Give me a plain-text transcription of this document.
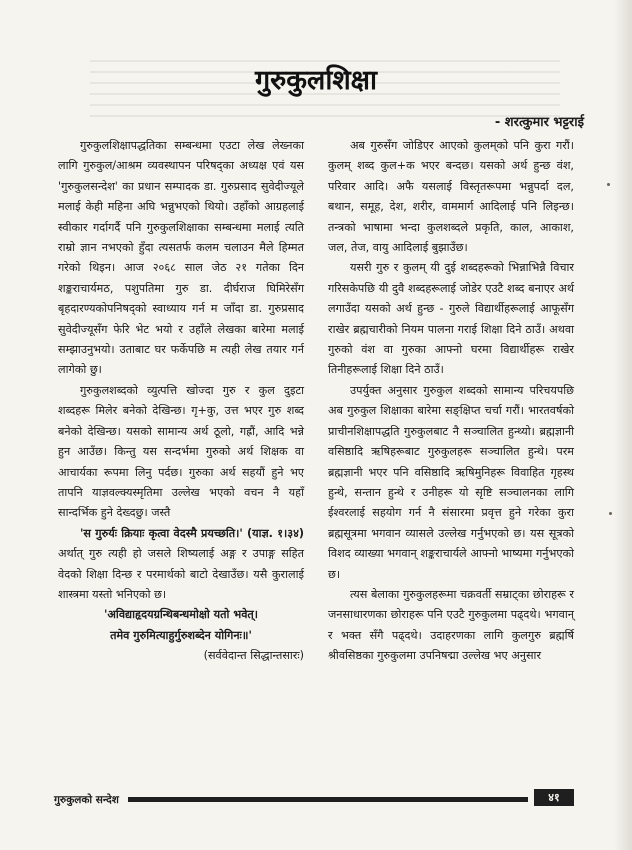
गुरुकुलशिक्षा
- शरत्कुमार भट्टराई

गुरुकुलशिक्षापद्धतिका सम्बन्धमा एउटा लेख लेख्नका लागि गुरुकुल/आश्रम व्यवस्थापन परिषद्का अध्यक्ष एवं यस 'गुरुकुलसन्देश' का प्रधान सम्पादक डा. गुरुप्रसाद सुवेदीज्यूले मलाई केही महिना अघि भन्नुभएको थियो। उहाँको आग्रहलाई स्वीकार गर्दागर्दै पनि गुरुकुलशिक्षाका सम्बन्धमा मलाई त्यति राम्रो ज्ञान नभएको हुँदा त्यसतर्फ कलम चलाउन मैले हिम्मत गरेको थिइन। आज २०६८ साल जेठ २१ गतेका दिन शङ्कराचार्यमठ, पशुपतिमा गुरु डा. दीर्घराज घिमिरेसँग बृहदारण्यकोपनिषद्को स्वाध्याय गर्न म जाँदा डा. गुरुप्रसाद सुवेदीज्यूसँग फेरि भेट भयो र उहाँले लेखका बारेमा मलाई सम्झाउनुभयो। उताबाट घर फर्केपछि म त्यही लेख तयार गर्न लागेको छु।

गुरुकुलशब्दको व्युत्पत्ति खोज्दा गुरु र कुल दुइटा शब्दहरू मिलेर बनेको देखिन्छ। गृ+कु, उत्त भएर गुरु शब्द बनेको देखिन्छ। यसको सामान्य अर्थ ठूलो, गह्रौं, आदि भन्ने हुन आउँछ। किन्तु यस सन्दर्भमा गुरुको अर्थ शिक्षक वा आचार्यका रूपमा लिनु पर्दछ। गुरुका अर्थ सहयौं हुने भए तापनि याज्ञवल्क्यस्मृतिमा उल्लेख भएको वचन नै यहाँ सान्दर्भिक हुने देख्दछु। जस्तै

'स गुरुर्यः क्रियाः कृत्वा वेदस्मै प्रयच्छति।' (याज्ञ. १।३४) अर्थात् गुरु त्यही हो जसले शिष्यलाई अङ्ग र उपाङ्ग सहित वेदको शिक्षा दिन्छ र परमार्थको बाटो देखाउँछ। यसै कुरालाई शास्त्रमा यस्तो भनिएको छ।

'अविद्याहृदयग्रन्थिबन्धमोक्षो यतो भवेत्।

तमेव गुरुमित्याहुर्गुरुशब्देन योगिनः॥'

(सर्ववेदान्त सिद्धान्तसारः)

अब गुरुसँग जोडिएर आएको कुलम्‌को पनि कुरा गरौं। कुलम् शब्द कुल+क भएर बन्दछ। यसको अर्थ हुन्छ वंश, परिवार आदि। अफै यसलाई विस्तृतरूपमा भन्नुपर्दा दल, बथान, समूह, देश, शरीर, वाममार्ग आदिलाई पनि लिइन्छ। तन्त्रको भाषामा भन्दा कुलशब्दले प्रकृति, काल, आकाश, जल, तेज, वायु आदिलाई बुझाउँछ।

यसरी गुरु र कुलम् यी दुई शब्दहरूको भिन्नाभिन्नै विचार गरिसकेपछि यी दुवै शब्दहरूलाई जोडेर एउटै शब्द बनाएर अर्थ लगाउँदा यसको अर्थ हुन्छ - गुरुले विद्यार्थीहरूलाई आफूसँग राखेर ब्रह्मचारीको नियम पालना गराई शिक्षा दिने ठाउँ। अथवा गुरुको वंश वा गुरुका आफ्नो घरमा विद्यार्थीहरू राखेर तिनीहरूलाई शिक्षा दिने ठाउँ।

उपर्युक्त अनुसार गुरुकुल शब्दको सामान्य परिचयपछि अब गुरुकुल शिक्षाका बारेमा सङ्क्षिप्त चर्चा गरौं। भारतवर्षको प्राचीनशिक्षापद्धति गुरुकुलबाट नै सञ्चालित हुन्थ्यो। ब्रह्मज्ञानी वसिष्ठादि ऋषिहरूबाट गुरुकुलहरू सञ्चालित हुन्थे। परम ब्रह्मज्ञानी भएर पनि वसिष्ठादि ऋषिमुनिहरू विवाहित गृहस्थ हुन्थे, सन्तान हुन्थे र उनीहरू यो सृष्टि सञ्चालनका लागि ईश्वरलाई सहयोग गर्न नै संसारमा प्रवृत्त हुने गरेका कुरा ब्रह्मसूत्रमा भगवान व्यासले उल्लेख गर्नुभएको छ। यस सूत्रको विशद व्याख्या भगवान् शङ्कराचार्यले आफ्नो भाष्यमा गर्नुभएको छ।

त्यस बेलाका गुरुकुलहरूमा चक्रवर्ती सम्राट्का छोराहरू र जनसाधारणका छोराहरू पनि एउटै गुरुकुलमा पढ्दथे। भगवान् र भक्त सँगै पढ्दथे। उदाहरणका लागि कुलगुरु ब्रह्मर्षि श्रीवसिष्ठका गुरुकुलमा उपनिषद्मा उल्लेख भए अनुसार

गुरुकुलको सन्देश	४१
